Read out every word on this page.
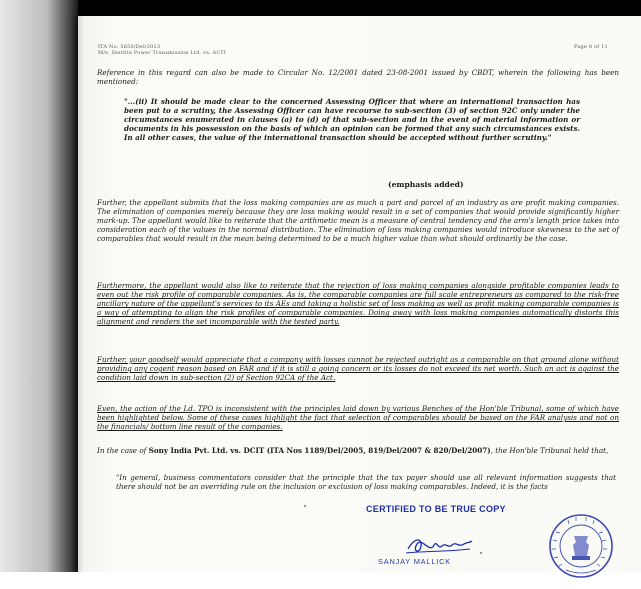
ITA No. 5650/Del/2013
M/s. Sterlite Power Transmission Ltd. vs. ACIT
Page 8 of 11

Reference in this regard can also be made to Circular No. 12/2001 dated 23-08-2001 issued by CBDT, wherein the following has been mentioned:

"...(ii) It should be made clear to the concerned Assessing Officer that where an international transaction has been put to a scrutiny, the Assessing Officer can have recourse to sub-section (3) of section 92C only under the circumstances enumerated in clauses (a) to (d) of that sub-section and in the event of material information or documents in his possession on the basis of which an opinion can be formed that any such circumstances exists. In all other cases, the value of the international transaction should be accepted without further scrutiny."

(emphasis added)

Further, the appellant submits that the loss making companies are as much a part and parcel of an industry as are profit making companies. The elimination of companies merely because they are loss making would result in a set of companies that would provide significantly higher mark-up. The appellant would like to reiterate that the arithmetic mean is a measure of central tendency and the arm's length price takes into consideration each of the values in the normal distribution. The elimination of loss making companies would introduce skewness to the set of comparables that would result in the mean being determined to be a much higher value than what should ordinarily be the case.

Furthermore, the appellant would also like to reiterate that the rejection of loss making companies alongside profitable companies leads to even out the risk profile of comparable companies. As is, the comparable companies are full scale entrepreneurs as compared to the risk-free ancillary nature of the appellant's services to its AEs and taking a holistic set of loss making as well as profit making comparable companies is a way of attempting to align the risk profiles of comparable companies. Doing away with loss making companies automatically distorts this alignment and renders the set incomparable with the tested party.

Further, your goodself would appreciate that a company with losses cannot be rejected outright as a comparable on that ground alone without providing any cogent reason based on FAR and if it is still a going concern or its losses do not exceed its net worth. Such an act is against the condition laid down in sub-section (2) of Section 92CA of the Act.

Even, the action of the Ld. TPO is inconsistent with the principles laid down by various Benches of the Hon'ble Tribunal, some of which have been highlighted below. Some of these cases highlight the fact that selection of comparables should be based on the FAR analysis and not on the financials/ bottom line result of the companies.

In the case of Sony India Pvt. Ltd. vs. DCIT (ITA Nos 1189/Del/2005, 819/Del/2007 & 820/Del/2007), the Hon'ble Tribunal held that,

"In general, business commentators consider that the principle that the tax payer should use all relevant information suggests that there should not be an overriding rule on the inclusion or exclusion of loss making comparables. Indeed, it is the facts

CERTIFIED TO BE TRUE COPY
SANJAY MALLICK
